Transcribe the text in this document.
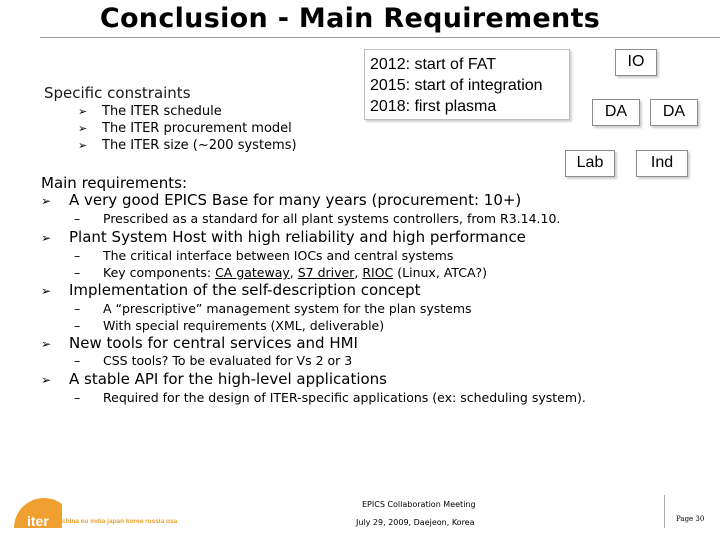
Conclusion - Main Requirements
Specific constraints
➢ The ITER schedule
➢ The ITER procurement model
➢ The ITER size (~200 systems)
2012: start of FAT
2015: start of integration
2018: first plasma
IO
DA	DA
Lab	Ind
Main requirements:
➢ A very good EPICS Base for many years (procurement: 10+)
– Prescribed as a standard for all plant systems controllers, from R3.14.10.
➢ Plant System Host with high reliability and high performance
– The critical interface between IOCs and central systems
– Key components: CA gateway, S7 driver, RIOC (Linux, ATCA?)
➢ Implementation of the self-description concept
– A “prescriptive” management system for the plan systems
– With special requirements (XML, deliverable)
➢ New tools for central services and HMI
– CSS tools? To be evaluated for Vs 2 or 3
➢ A stable API for the high-level applications
– Required for the design of ITER-specific applications (ex: scheduling system).
iter china eu india japan korea russia usa
EPICS Collaboration Meeting
July 29, 2009, Daejeon, Korea	Page 30
